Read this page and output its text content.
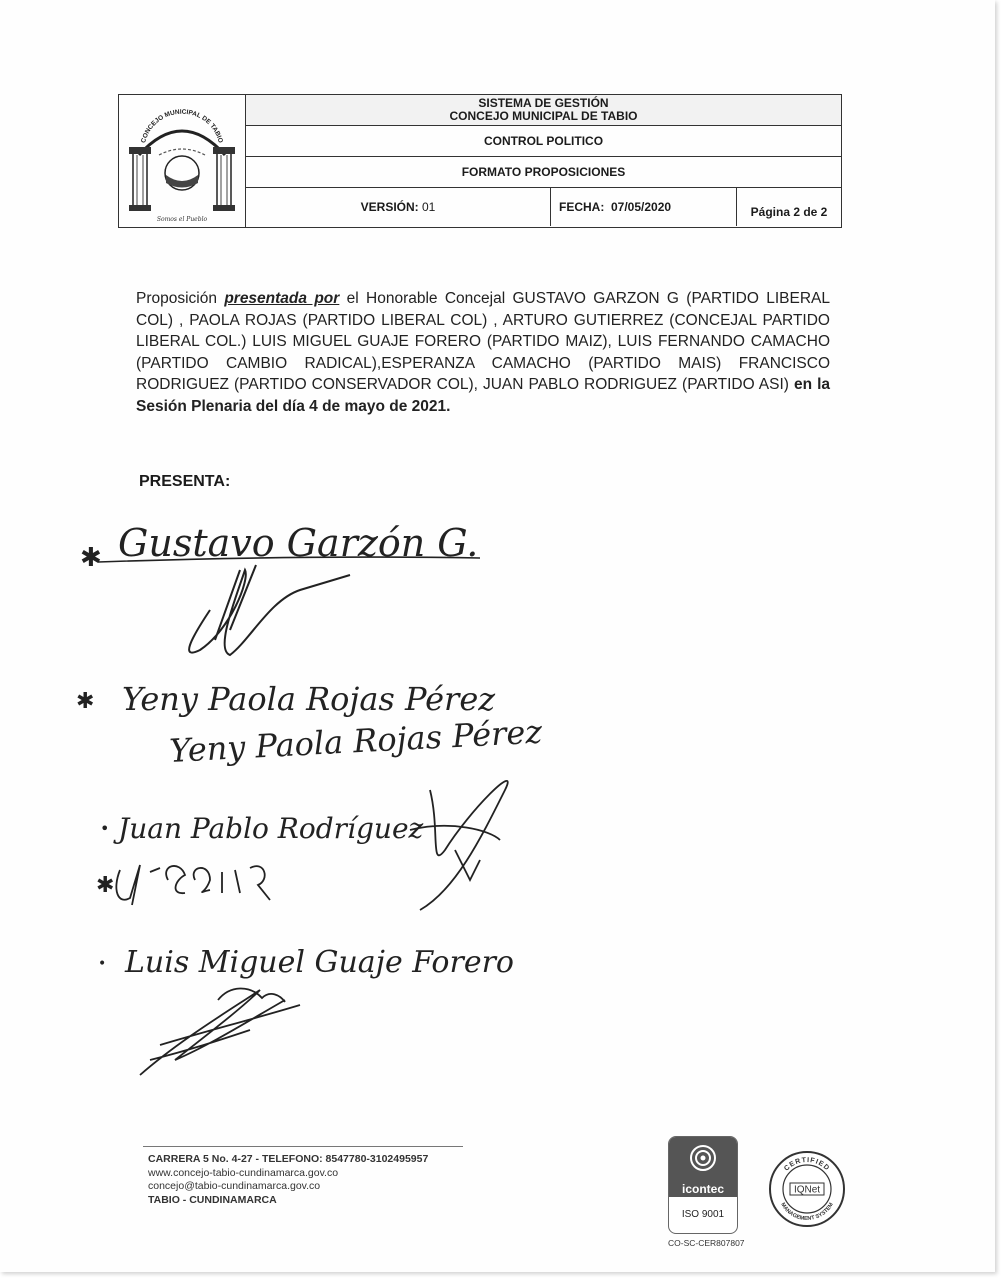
CONCEJO MUNICIPAL DE TABIO
Somos el Pueblo
SISTEMA DE GESTIÓN
CONCEJO MUNICIPAL DE TABIO
CONTROL POLITICO
FORMATO PROPOSICIONES
VERSIÓN:
01	FECHA:
07/05/2020	Página 2 de 2
Proposición presentada por el Honorable Concejal GUSTAVO GARZON G (PARTIDO LIBERAL COL) , PAOLA ROJAS (PARTIDO LIBERAL COL) , ARTURO GUTIERREZ (CONCEJAL PARTIDO LIBERAL COL.) LUIS MIGUEL GUAJE FORERO (PARTIDO MAIZ), LUIS FERNANDO CAMACHO (PARTIDO CAMBIO RADICAL),ESPERANZA CAMACHO (PARTIDO MAIS) FRANCISCO RODRIGUEZ (PARTIDO CONSERVADOR COL), JUAN PABLO RODRIGUEZ (PARTIDO ASI) en la Sesión Plenaria del día 4 de mayo de 2021.
PRESENTA:
✱ Gustavo Garzón G.
✱ Yeny Paola Rojas Pérez
Yeny Paola Rojas Pérez
• Juan Pablo Rodríguez
✱
• Luis Miguel Guaje Forero
CARRERA 5 No. 4-27 - TELEFONO: 8547780-3102495957
www.concejo-tabio-cundinamarca.gov.co
concejo@tabio-cundinamarca.gov.co
TABIO - CUNDINAMARCA
icontec
ISO 9001
CO-SC-CER807807
CERTIFIED
MANAGEMENT SYSTEM
IQNet
